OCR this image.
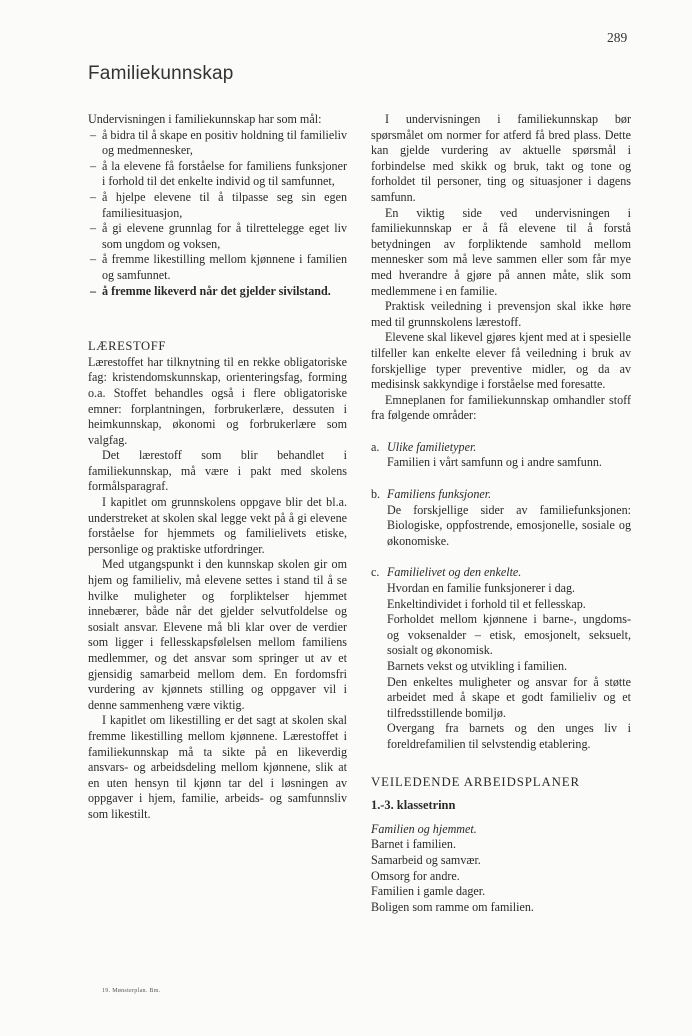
289
Familiekunnskap

Undervisningen i familiekunnskap har som mål:

– å bidra til å skape en positiv holdning til familieliv og medmennesker,
– å la elevene få forståelse for familiens funksjoner i forhold til det enkelte individ og til samfunnet,
– å hjelpe elevene til å tilpasse seg sin egen familiesituasjon,
– å gi elevene grunnlag for å tilrettelegge eget liv som ungdom og voksen,
– å fremme likestilling mellom kjønnene i familien og samfunnet.
– å fremme likeverd når det gjelder sivilstand.

LÆRESTOFF

Lærestoffet har tilknytning til en rekke obligatoriske fag: kristendomskunnskap, orienteringsfag, forming o.a. Stoffet behandles også i flere obligatoriske emner: forplantningen, forbrukerlære, dessuten i heimkunnskap, økonomi og forbrukerlære som valgfag.

Det lærestoff som blir behandlet i familiekunnskap, må være i pakt med skolens formålsparagraf.

I kapitlet om grunnskolens oppgave blir det bl.a. understreket at skolen skal legge vekt på å gi elevene forståelse for hjemmets og familielivets etiske, personlige og praktiske utfordringer.

Med utgangspunkt i den kunnskap skolen gir om hjem og familieliv, må elevene settes i stand til å se hvilke muligheter og forpliktelser hjemmet innebærer, både når det gjelder selvutfoldelse og sosialt ansvar. Elevene må bli klar over de verdier som ligger i fellesskapsfølelsen mellom familiens medlemmer, og det ansvar som springer ut av et gjensidig samarbeid mellom dem. En fordomsfri vurdering av kjønnets stilling og oppgaver vil i denne sammenheng være viktig.

I kapitlet om likestilling er det sagt at skolen skal fremme likestilling mellom kjønnene. Lærestoffet i familiekunnskap må ta sikte på en likeverdig ansvars- og arbeidsdeling mellom kjønnene, slik at en uten hensyn til kjønn tar del i løsningen av oppgaver i hjem, familie, arbeids- og samfunnsliv som likestilt.

19. Mønsterplan. Bm.

I undervisningen i familiekunnskap bør spørsmålet om normer for atferd få bred plass. Dette kan gjelde vurdering av aktuelle spørsmål i forbindelse med skikk og bruk, takt og tone og forholdet til personer, ting og situasjoner i dagens samfunn.

En viktig side ved undervisningen i familiekunnskap er å få elevene til å forstå betydningen av forpliktende samhold mellom mennesker som må leve sammen eller som får mye med hverandre å gjøre på annen måte, slik som medlemmene i en familie.

Praktisk veiledning i prevensjon skal ikke høre med til grunnskolens lærestoff.

Elevene skal likevel gjøres kjent med at i spesielle tilfeller kan enkelte elever få veiledning i bruk av forskjellige typer preventive midler, og da av medisinsk sakkyndige i forståelse med foresatte.

Emneplanen for familiekunnskap omhandler stoff fra følgende områder:

a. Ulike familietyper.

Familien i vårt samfunn og i andre samfunn.

b. Familiens funksjoner.

De forskjellige sider av familiefunksjonen: Biologiske, oppfostrende, emosjonelle, sosiale og økonomiske.

c. Familielivet og den enkelte.

Hvordan en familie funksjonerer i dag.

Enkeltindividet i forhold til et fellesskap.

Forholdet mellom kjønnene i barne-, ungdoms- og voksenalder – etisk, emosjonelt, seksuelt, sosialt og økonomisk.

Barnets vekst og utvikling i familien.

Den enkeltes muligheter og ansvar for å støtte arbeidet med å skape et godt familieliv og et tilfredsstillende bomiljø.

Overgang fra barnets og den unges liv i foreldrefamilien til selvstendig etablering.

VEILEDENDE ARBEIDSPLANER

1.-3. klassetrinn

Familien og hjemmet.

Barnet i familien.
Samarbeid og samvær.
Omsorg for andre.
Familien i gamle dager.
Boligen som ramme om familien.
